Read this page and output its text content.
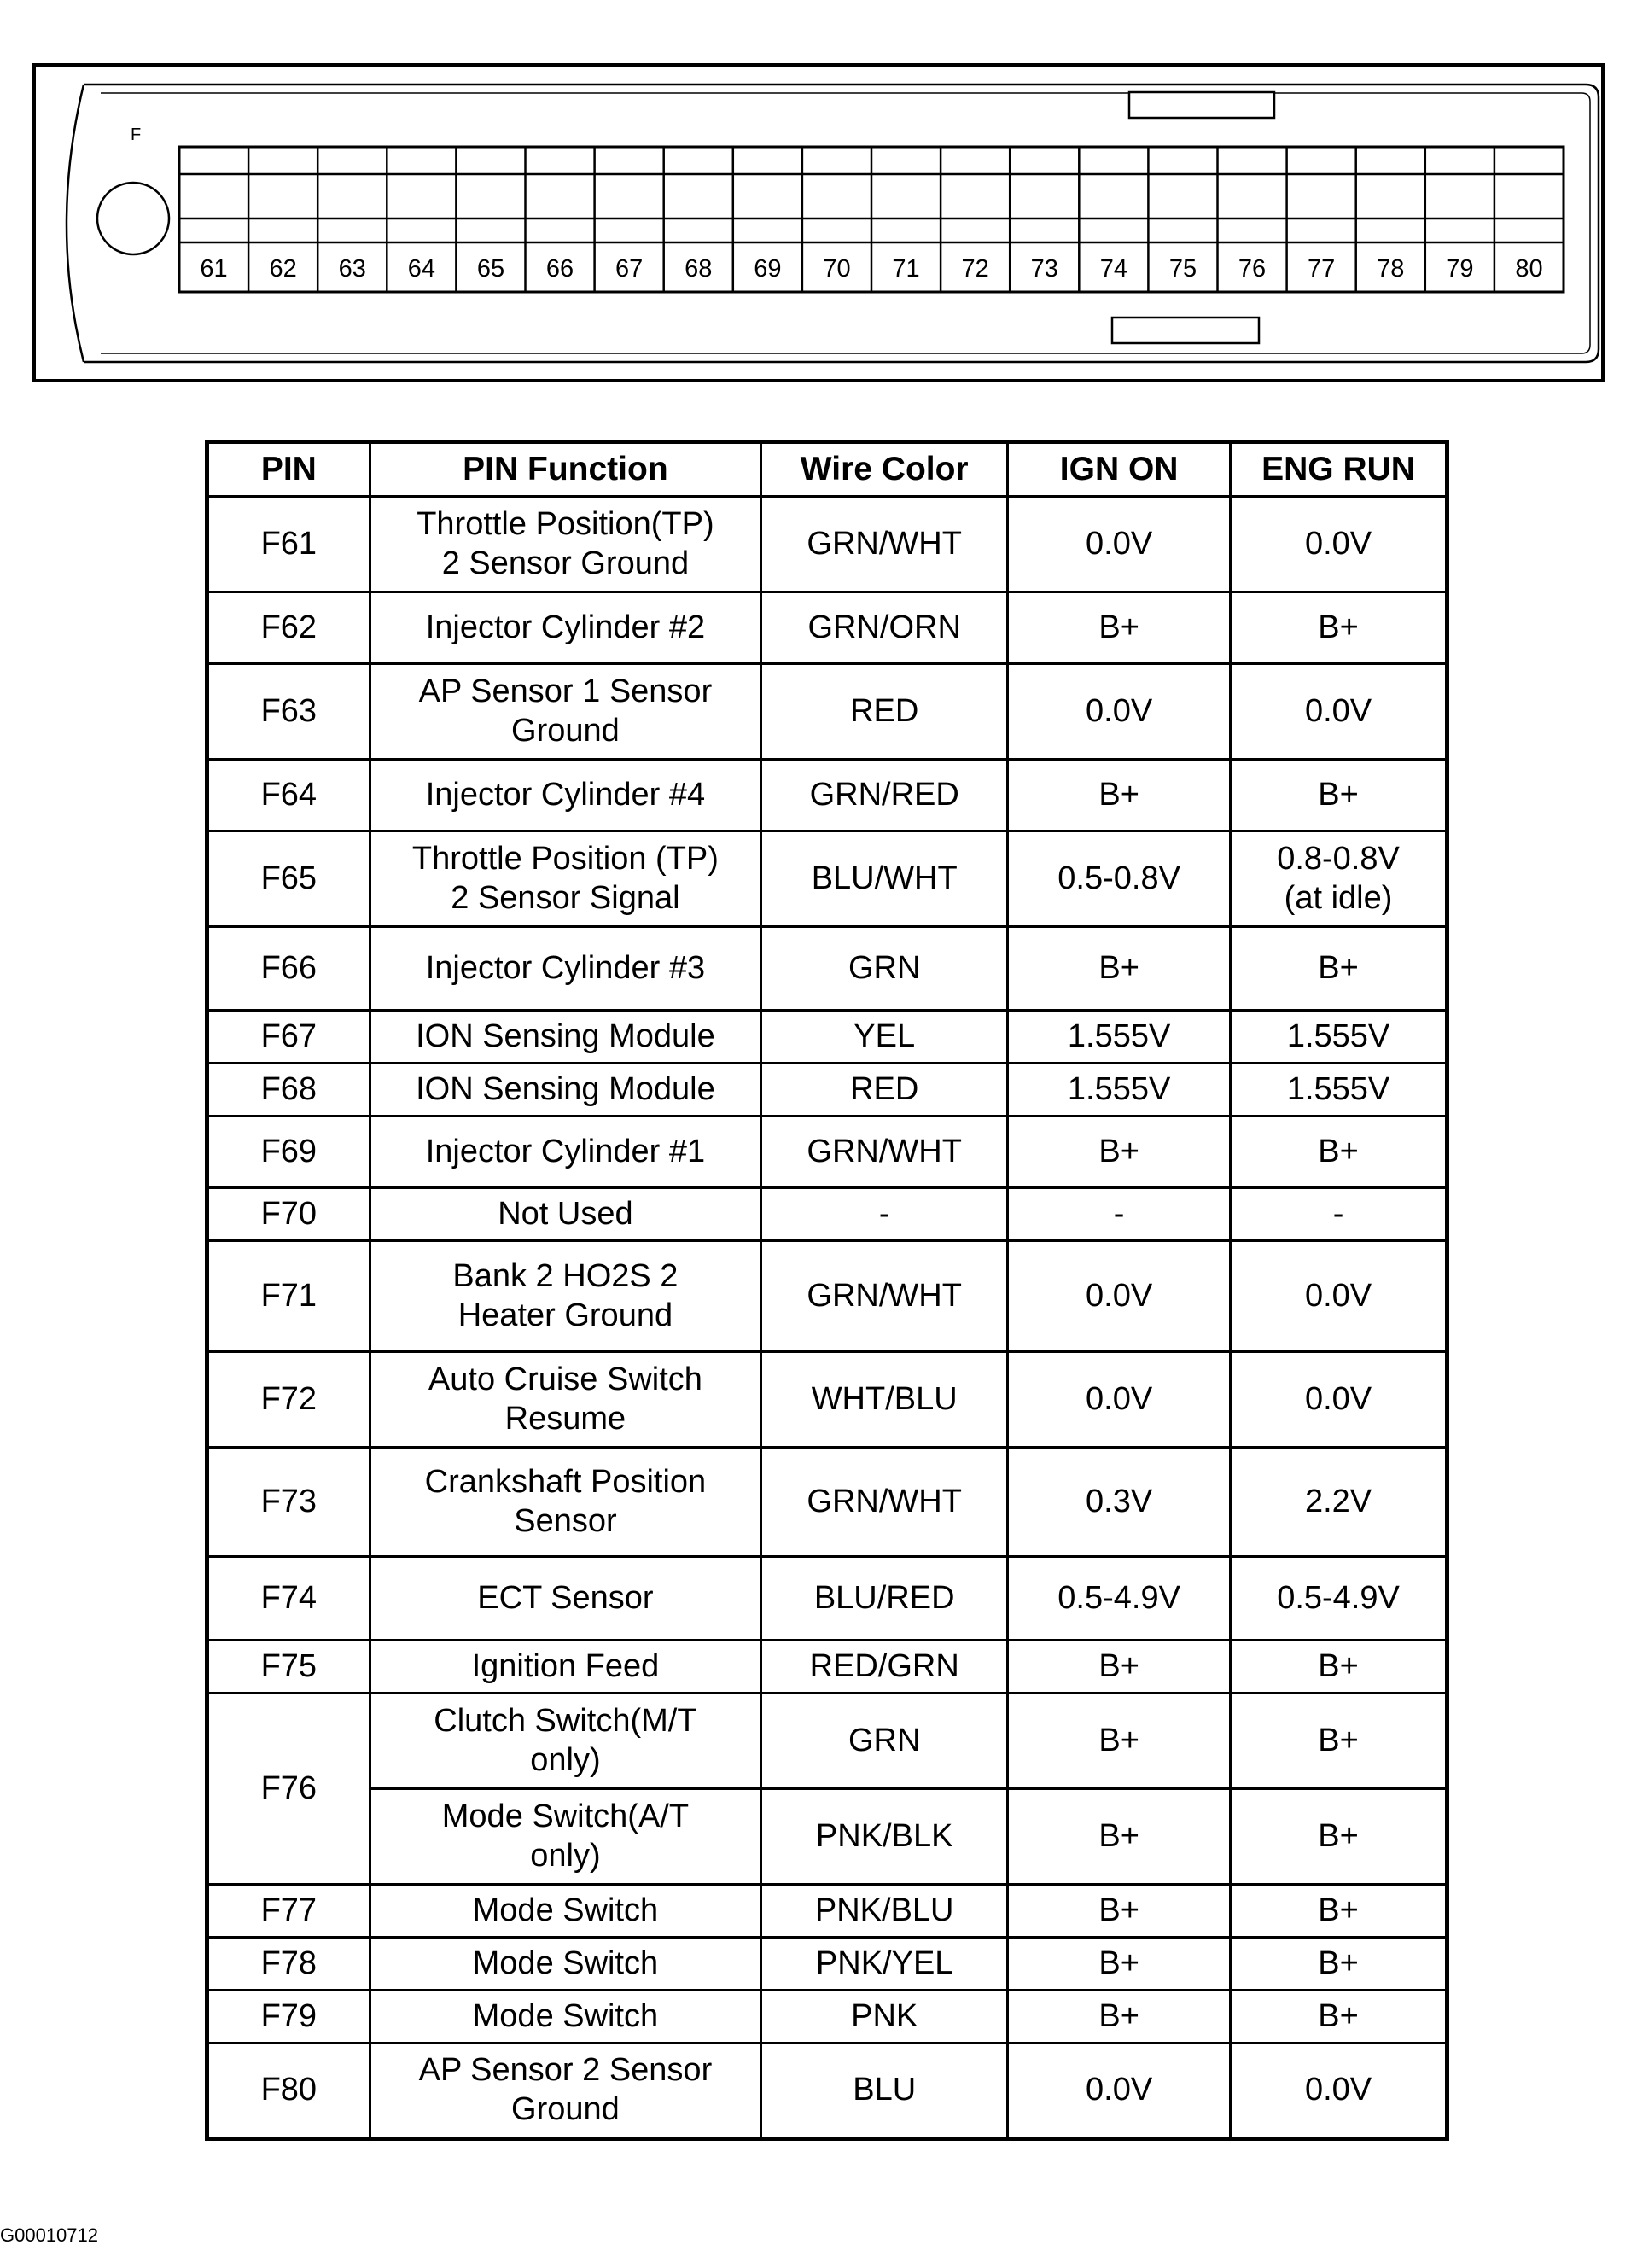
F
61 62 63 64 65 66 67 68 69 70 71 72 73 74 75 76 77 78 79 80
PIN	PIN Function	Wire Color	IGN ON	ENG RUN
F61	Throttle Position(TP)
2 Sensor Ground	GRN/WHT	0.0V	0.0V
F62	Injector Cylinder #2	GRN/ORN	B+	B+
F63	AP Sensor 1 Sensor
Ground	RED	0.0V	0.0V
F64	Injector Cylinder #4	GRN/RED	B+	B+
F65	Throttle Position (TP)
2 Sensor Signal	BLU/WHT	0.5-0.8V	0.8-0.8V
(at idle)
F66	Injector Cylinder #3	GRN	B+	B+
F67	ION Sensing Module	YEL	1.555V	1.555V
F68	ION Sensing Module	RED	1.555V	1.555V
F69	Injector Cylinder #1	GRN/WHT	B+	B+
F70	Not Used	-	-	-
F71	Bank 2 HO2S 2
Heater Ground	GRN/WHT	0.0V	0.0V
F72	Auto Cruise Switch
Resume	WHT/BLU	0.0V	0.0V
F73	Crankshaft Position
Sensor	GRN/WHT	0.3V	2.2V
F74	ECT Sensor	BLU/RED	0.5-4.9V	0.5-4.9V
F75	Ignition Feed	RED/GRN	B+	B+
F76	Clutch Switch(M/T
only)	GRN	B+	B+
	Mode Switch(A/T
only)	PNK/BLK	B+	B+
F77	Mode Switch	PNK/BLU	B+	B+
F78	Mode Switch	PNK/YEL	B+	B+
F79	Mode Switch	PNK	B+	B+
F80	AP Sensor 2 Sensor
Ground	BLU	0.0V	0.0V
G00010712
